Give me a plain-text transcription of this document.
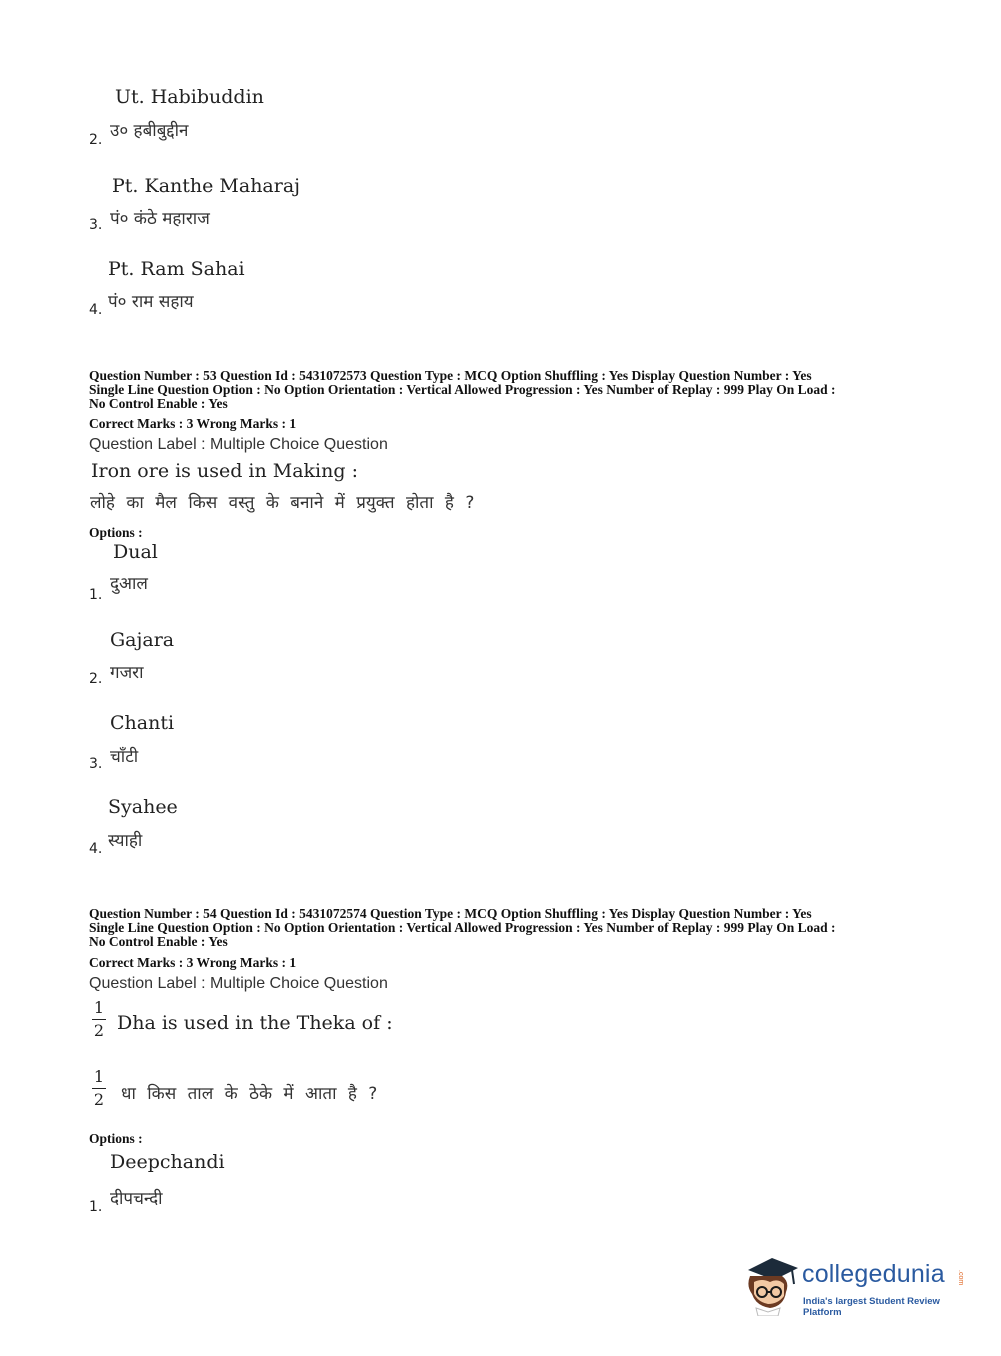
Ut. Habibuddin
2. उ० हबीबुद्दीन
Pt. Kanthe Maharaj
3. पं० कंठे महाराज
Pt. Ram Sahai
4. पं० राम सहाय
Question Number : 53 Question Id : 5431072573 Question Type : MCQ Option Shuffling : Yes Display Question Number : Yes
Single Line Question Option : No Option Orientation : Vertical Allowed Progression : Yes Number of Replay : 999 Play On Load :
No Control Enable : Yes
Correct Marks : 3 Wrong Marks : 1
Question Label : Multiple Choice Question
Iron ore is used in Making :
लोहे का मैल किस वस्तु के बनाने में प्रयुक्त होता है ?
Options :
Dual
1.
दुआल
Gajara
2. गजरा
Chanti
3. चाँटी
Syahee
4. स्याही
Question Number : 54 Question Id : 5431072574 Question Type : MCQ Option Shuffling : Yes Display Question Number : Yes
Single Line Question Option : No Option Orientation : Vertical Allowed Progression : Yes Number of Replay : 999 Play On Load :
No Control Enable : Yes
Correct Marks : 3 Wrong Marks : 1
Question Label : Multiple Choice Question
1
2 Dha is used in the Theka of :
1
2 धा किस ताल के ठेके में आता है ?
Options :
Deepchandi
1. दीपचन्दी
collegedunia .com
India's largest Student Review Platform
